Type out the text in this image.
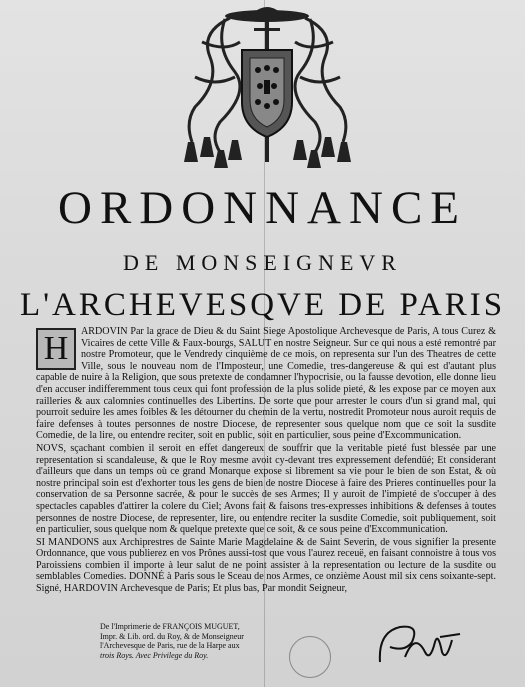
ORDONNANCE
DE MONSEIGNEVR
L'ARCHEVESQVE DE PARIS
H	ARDOVIN Par la grace de Dieu & du Saint Siege Apostolique Archevesque de Paris, A tous Curez & Vicaires de cette Ville & Faux-bourgs, SALUT en nostre Seigneur. Sur ce qui nous a esté remontré par nostre Promoteur, que le Vendredy cinquième de ce mois, on representa sur l'un des Theatres de cette Ville, sous le nouveau nom de l'Imposteur, une Comedie, tres-dangereuse & qui est d'autant plus capable de nuire à la Religion, que sous pretexte de condamner l'hypocrisie, ou la fausse devotion, elle donne lieu d'en accuser indifferemment tous ceux qui font profession de la plus solide pieté, & les expose par ce moyen aux railleries & aux calomnies continuelles des Libertins. De sorte que pour arrester le cours d'un si grand mal, qui pourroit seduire les ames foibles & les détourner du chemin de la vertu, nostredit Promoteur nous auroit requis de faire defenses à toutes personnes de nostre Diocese, de representer sous quelque nom que ce soit la susdite Comedie, de la lire, ou entendre reciter, soit en public, soit en particulier, sous peine d'Excommunication.

NOVS, sçachant combien il seroit en effet dangereux de souffrir que la veritable pieté fust blessée par une representation si scandaleuse, & que le Roy mesme avoit cy-devant tres expressement defendüé; Et considerant d'ailleurs que dans un temps où ce grand Monarque expose si librement sa vie pour le bien de son Estat, & où nostre principal soin est d'exhorter tous les gens de bien de nostre Diocese à faire des Prieres continuelles pour la conservation de sa Personne sacrée, & pour le succès de ses Armes; Il y auroit de l'impieté de s'occuper à des spectacles capables d'attirer la colere du Ciel; Avons fait & faisons tres-expresses inhibitions & defenses à toutes personnes de nostre Diocese, de representer, lire, ou entendre reciter la susdite Comedie, soit publiquement, soit en particulier, sous quelque nom & quelque pretexte que ce soit, & ce sous peine d'Excommunication.

SI MANDONS aux Archiprestres de Sainte Marie Magdelaine & de Saint Severin, de vous signifier la presente Ordonnance, que vous publierez en vos Prônes aussi-tost que vous l'aurez receuë, en faisant connoistre à tous vos Paroissiens combien il importe à leur salut de ne point assister à la representation ou lecture de la susdite ou semblables Comedies. DONNÉ à Paris sous le Sceau de nos Armes, ce onzième Aoust mil six cens soixante-sept. Signé, HARDOVIN Archevesque de Paris; Et plus bas, Par mondit Seigneur,

De l'Imprimerie de FRANÇOIS MUGUET,
Impr. & Lib. ord. du Roy, & de Monseigneur
l'Archevesque de Paris, rue de la Harpe aux
trois Roys. Avec Privilege du Roy.
